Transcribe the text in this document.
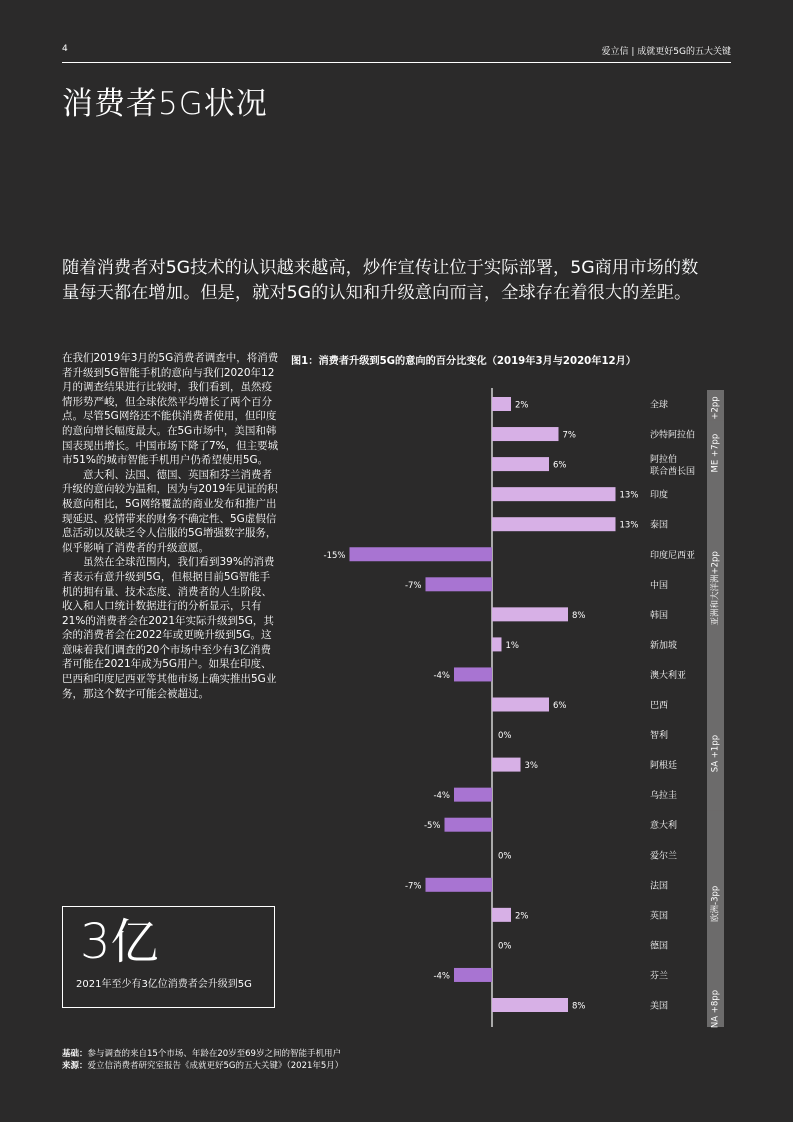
4	爱立信 | 成就更好5G的五大关键
消费者5G状况
随着消费者对5G技术的认识越来越高，炒作宣传让位于实际部署，5G商用市场的数量每天都在增加。但是，就对5G的认知和升级意向而言，全球存在着很大的差距。

在我们2019年3月的5G消费者调查中，将消费者升级到5G智能手机的意向与我们2020年12月的调查结果进行比较时，我们看到，虽然疫情形势严峻，但全球依然平均增长了两个百分点。尽管5G网络还不能供消费者使用，但印度的意向增长幅度最大。在5G市场中，美国和韩国表现出增长。中国市场下降了7%，但主要城市51%的城市智能手机用户仍希望使用5G。

意大利、法国、德国、英国和芬兰消费者升级的意向较为温和，因为与2019年见证的积极意向相比，5G网络覆盖的商业发布和推广出现延迟、疫情带来的财务不确定性、5G虚假信息活动以及缺乏令人信服的5G增强数字服务，似乎影响了消费者的升级意愿。

虽然在全球范围内，我们看到39%的消费者表示有意升级到5G，但根据目前5G智能手机的拥有量、技术态度、消费者的人生阶段、收入和人口统计数据进行的分析显示，只有21%的消费者会在2021年实际升级到5G，其余的消费者会在2022年或更晚升级到5G。这意味着我们调查的20个市场中至少有3亿消费者可能在2021年成为5G用户。如果在印度、巴西和印度尼西亚等其他市场上确实推出5G业务，那这个数字可能会被超过。

3亿
2021年至少有3亿位消费者会升级到5G
图1：消费者升级到5G的意向的百分比变化（2019年3月与2020年12月）
2%	全球
7%	沙特阿拉伯
6%
阿拉伯
联合酋长国
13% 印度
13% 泰国
-15%	印度尼西亚
-7%	中国
8%	韩国
1%	新加坡
-4%	澳大利亚
6%	巴西
0%	智利
3%	阿根廷
-4%	乌拉圭
-5%	意大利
0%	爱尔兰
-7%	法国
2%	英国
0%	德国
-4%	芬兰
8%	美国
+2pp
ME +7pp
亚洲和大洋洲+2pp
SA +1pp
欧洲-3pp
NA +8pp
基础：参与调查的来自15个市场、年龄在20岁至69岁之间的智能手机用户
来源：爱立信消费者研究室报告《成就更好5G的五大关键》（2021年5月）
